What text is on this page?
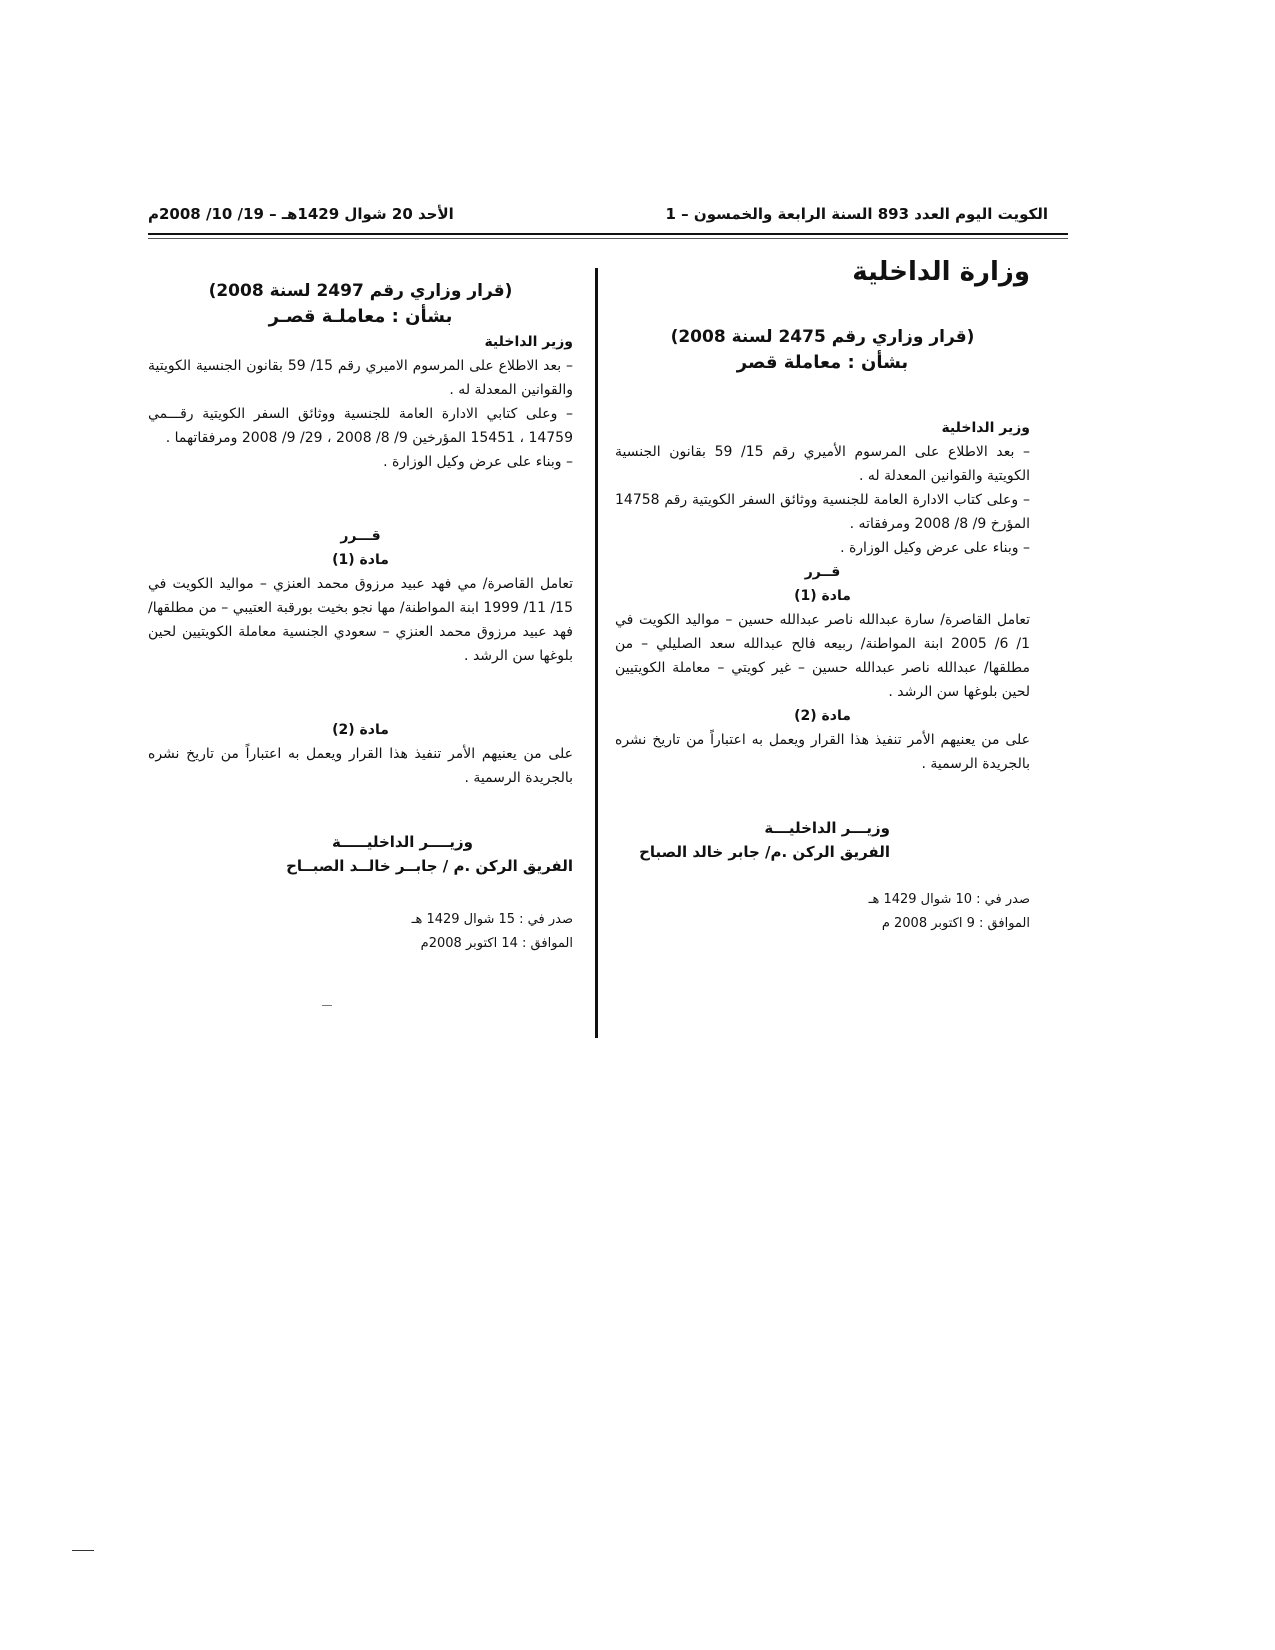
الكويت اليوم العدد 893 السنة الرابعة والخمسون – 1
الأحد 20 شوال 1429هـ – 19/ 10/ 2008م

وزارة الداخلية

(قرار وزاري رقم 2475 لسنة 2008)

بشأن : معاملة قصر

وزير الداخلية

– بعد الاطلاع على المرسوم الأميري رقم 15/ 59 بقانون الجنسية الكويتية والقوانين المعدلة له .

– وعلى كتاب الادارة العامة للجنسية ووثائق السفر الكويتية رقم 14758 المؤرخ 9/ 8/ 2008 ومرفقاته .

– وبناء على عرض وكيل الوزارة .

قــرر

مادة (1)

تعامل القاصرة/ سارة عبدالله ناصر عبدالله حسين – مواليد الكويت في 1/ 6/ 2005 ابنة المواطنة/ ربيعه فالح عبدالله سعد الصليلي – من مطلقها/ عبدالله ناصر عبدالله حسين – غير كويتي – معاملة الكويتيين لحين بلوغها سن الرشد .

مادة (2)

على من يعنيهم الأمر تنفيذ هذا القرار ويعمل به اعتباراً من تاريخ نشره بالجريدة الرسمية .

وزيـــر الداخليـــة

الفريق الركن .م/ جابر خالد الصباح

صدر في : 10 شوال 1429 هـ

الموافق : 9 اكتوبر 2008 م

(قرار وزاري رقم 2497 لسنة 2008)

بشأن : معاملـة قصـر

وزير الداخلية

– بعد الاطلاع على المرسوم الاميري رقم 15/ 59 بقانون الجنسية الكويتية والقوانين المعدلة له .

– وعلى كتابي الادارة العامة للجنسية ووثائق السفر الكويتية رقـــمي 14759 ، 15451 المؤرخين 9/ 8/ 2008 ، 29/ 9/ 2008 ومرفقاتهما .

– وبناء على عرض وكيل الوزارة .

قـــرر

مادة (1)

تعامل القاصرة/ مي فهد عبيد مرزوق محمد العنزي – مواليد الكويت في 15/ 11/ 1999 ابنة المواطنة/ مها نجو بخيت بورقبة العتيبي – من مطلقها/ فهد عبيد مرزوق محمد العنزي – سعودي الجنسية معاملة الكويتيين لحين بلوغها سن الرشد .

مادة (2)

على من يعنيهم الأمر تنفيذ هذا القرار ويعمل به اعتباراً من تاريخ نشره بالجريدة الرسمية .

وزيــــر الداخليـــــة

الفريق الركن .م / جابــر خالــد الصبــاح

صدر في : 15 شوال 1429 هـ

الموافق : 14 اكتوبر 2008م
